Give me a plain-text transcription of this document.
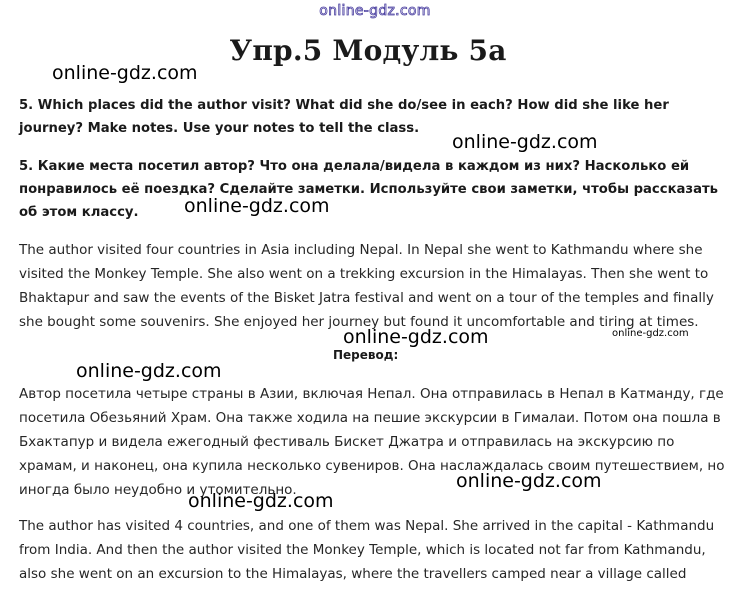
online-gdz.com
Упр.5 Модуль 5а
online-gdz.com
5. Which places did the author visit? What did she do/see in each? How did she like her journey? Make notes. Use your notes to tell the class.
online-gdz.com
5. Какие места посетил автор? Что она делала/видела в каждом из них? Насколько ей понравилось её поездка? Сделайте заметки. Используйте свои заметки, чтобы рассказать об этом классу.	online-gdz.com
The author visited four countries in Asia including Nepal. In Nepal she went to Kathmandu where she visited the Monkey Temple. She also went on a trekking excursion in the Himalayas. Then she went to Bhaktapur and saw the events of the Bisket Jatra festival and went on a tour of the temples and finally she bought some souvenirs. She enjoyed her journey but found it uncomfortable and tiring at times.
online-gdz.com
online-gdz.com
Перевод:
online-gdz.com
Автор посетила четыре страны в Азии, включая Непал. Она отправилась в Непал в Катманду, где посетила Обезьяний Храм. Она также ходила на пешие экскурсии в Гималаи. Потом она пошла в Бхактапур и видела ежегодный фестиваль Бискет Джатра и отправилась на экскурсию по храмам, и наконец, она купила несколько сувениров. Она наслаждалась своим путешествием, но иногда было неудобно и утомительно.	online-gdz.com
online-gdz.com
The author has visited 4 countries, and one of them was Nepal. She arrived in the capital - Kathmandu from India. And then the author visited the Monkey Temple, which is located not far from Kathmandu, also she went on an excursion to the Himalayas, where the travellers camped near a village called
